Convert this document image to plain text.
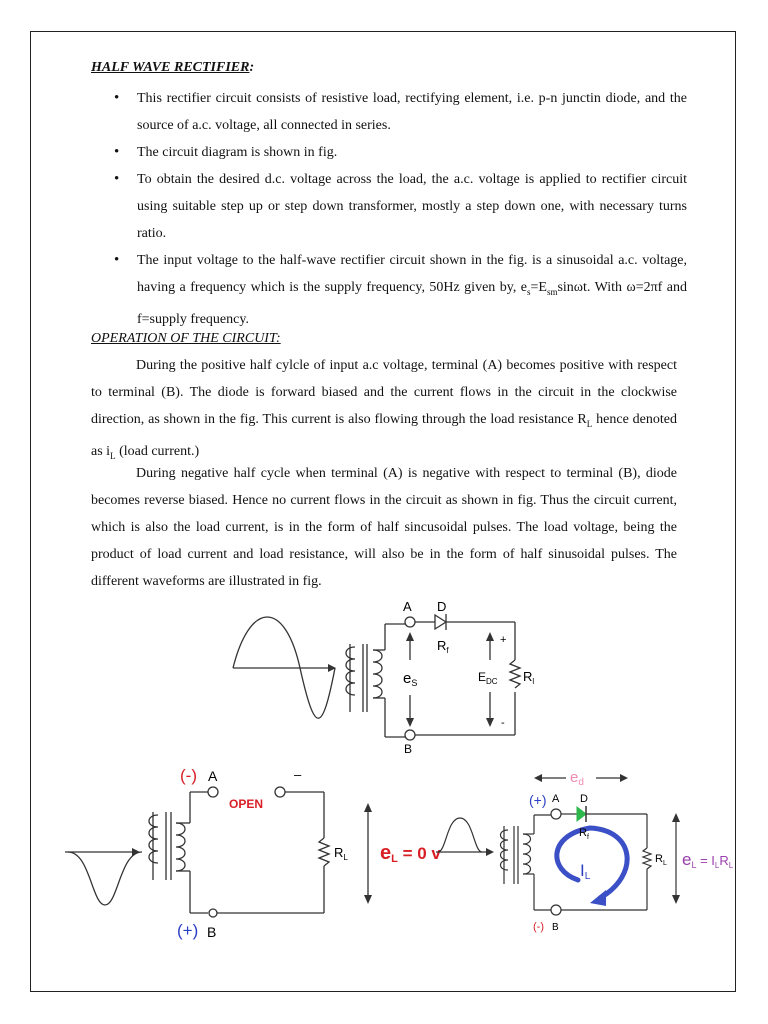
HALF WAVE RECTIFIER:
• This rectifier circuit consists of resistive load, rectifying element, i.e. p-n junctin diode, and the source of a.c. voltage, all connected in series.
• The circuit diagram is shown in fig.
• To obtain the desired d.c. voltage across the load, the a.c. voltage is applied to rectifier circuit using suitable step up or step down transformer, mostly a step down one, with necessary turns ratio.
• The input voltage to the half-wave rectifier circuit shown in the fig. is a sinusoidal a.c. voltage, having a frequency which is the supply frequency, 50Hz given by, $e_s=E_{sm}\sin\omega t$. With ω=2πf and f=supply frequency.
OPERATION OF THE CIRCUIT:

During the positive half cylcle of input a.c voltage, terminal (A) becomes positive with respect to terminal (B). The diode is forward biased and the current flows in the circuit in the clockwise direction, as shown in the fig. This current is also flowing through the load resistance $R_L$ hence denoted as $i_L$ (load current.)

During negative half cycle when terminal (A) is negative with respect to terminal (B), diode becomes reverse biased. Hence no current flows in the circuit as shown in fig. Thus the circuit current, which is also the load current, is in the form of half sincusoidal pulses. The load voltage, being the product of load current and load resistance, will also be in the form of half sinusoidal pulses. The different waveforms are illustrated in fig.

A D
$R_f$
$e_S$	$E_{DC}$ $R_l$
+
-
B
(-) A	–
OPEN
$R_L$ eL = 0 v
(+) B
$e_d$
(+) A D
$R_f$
IL
$R_L$ $e_L = I_LR_L$
(-) B
